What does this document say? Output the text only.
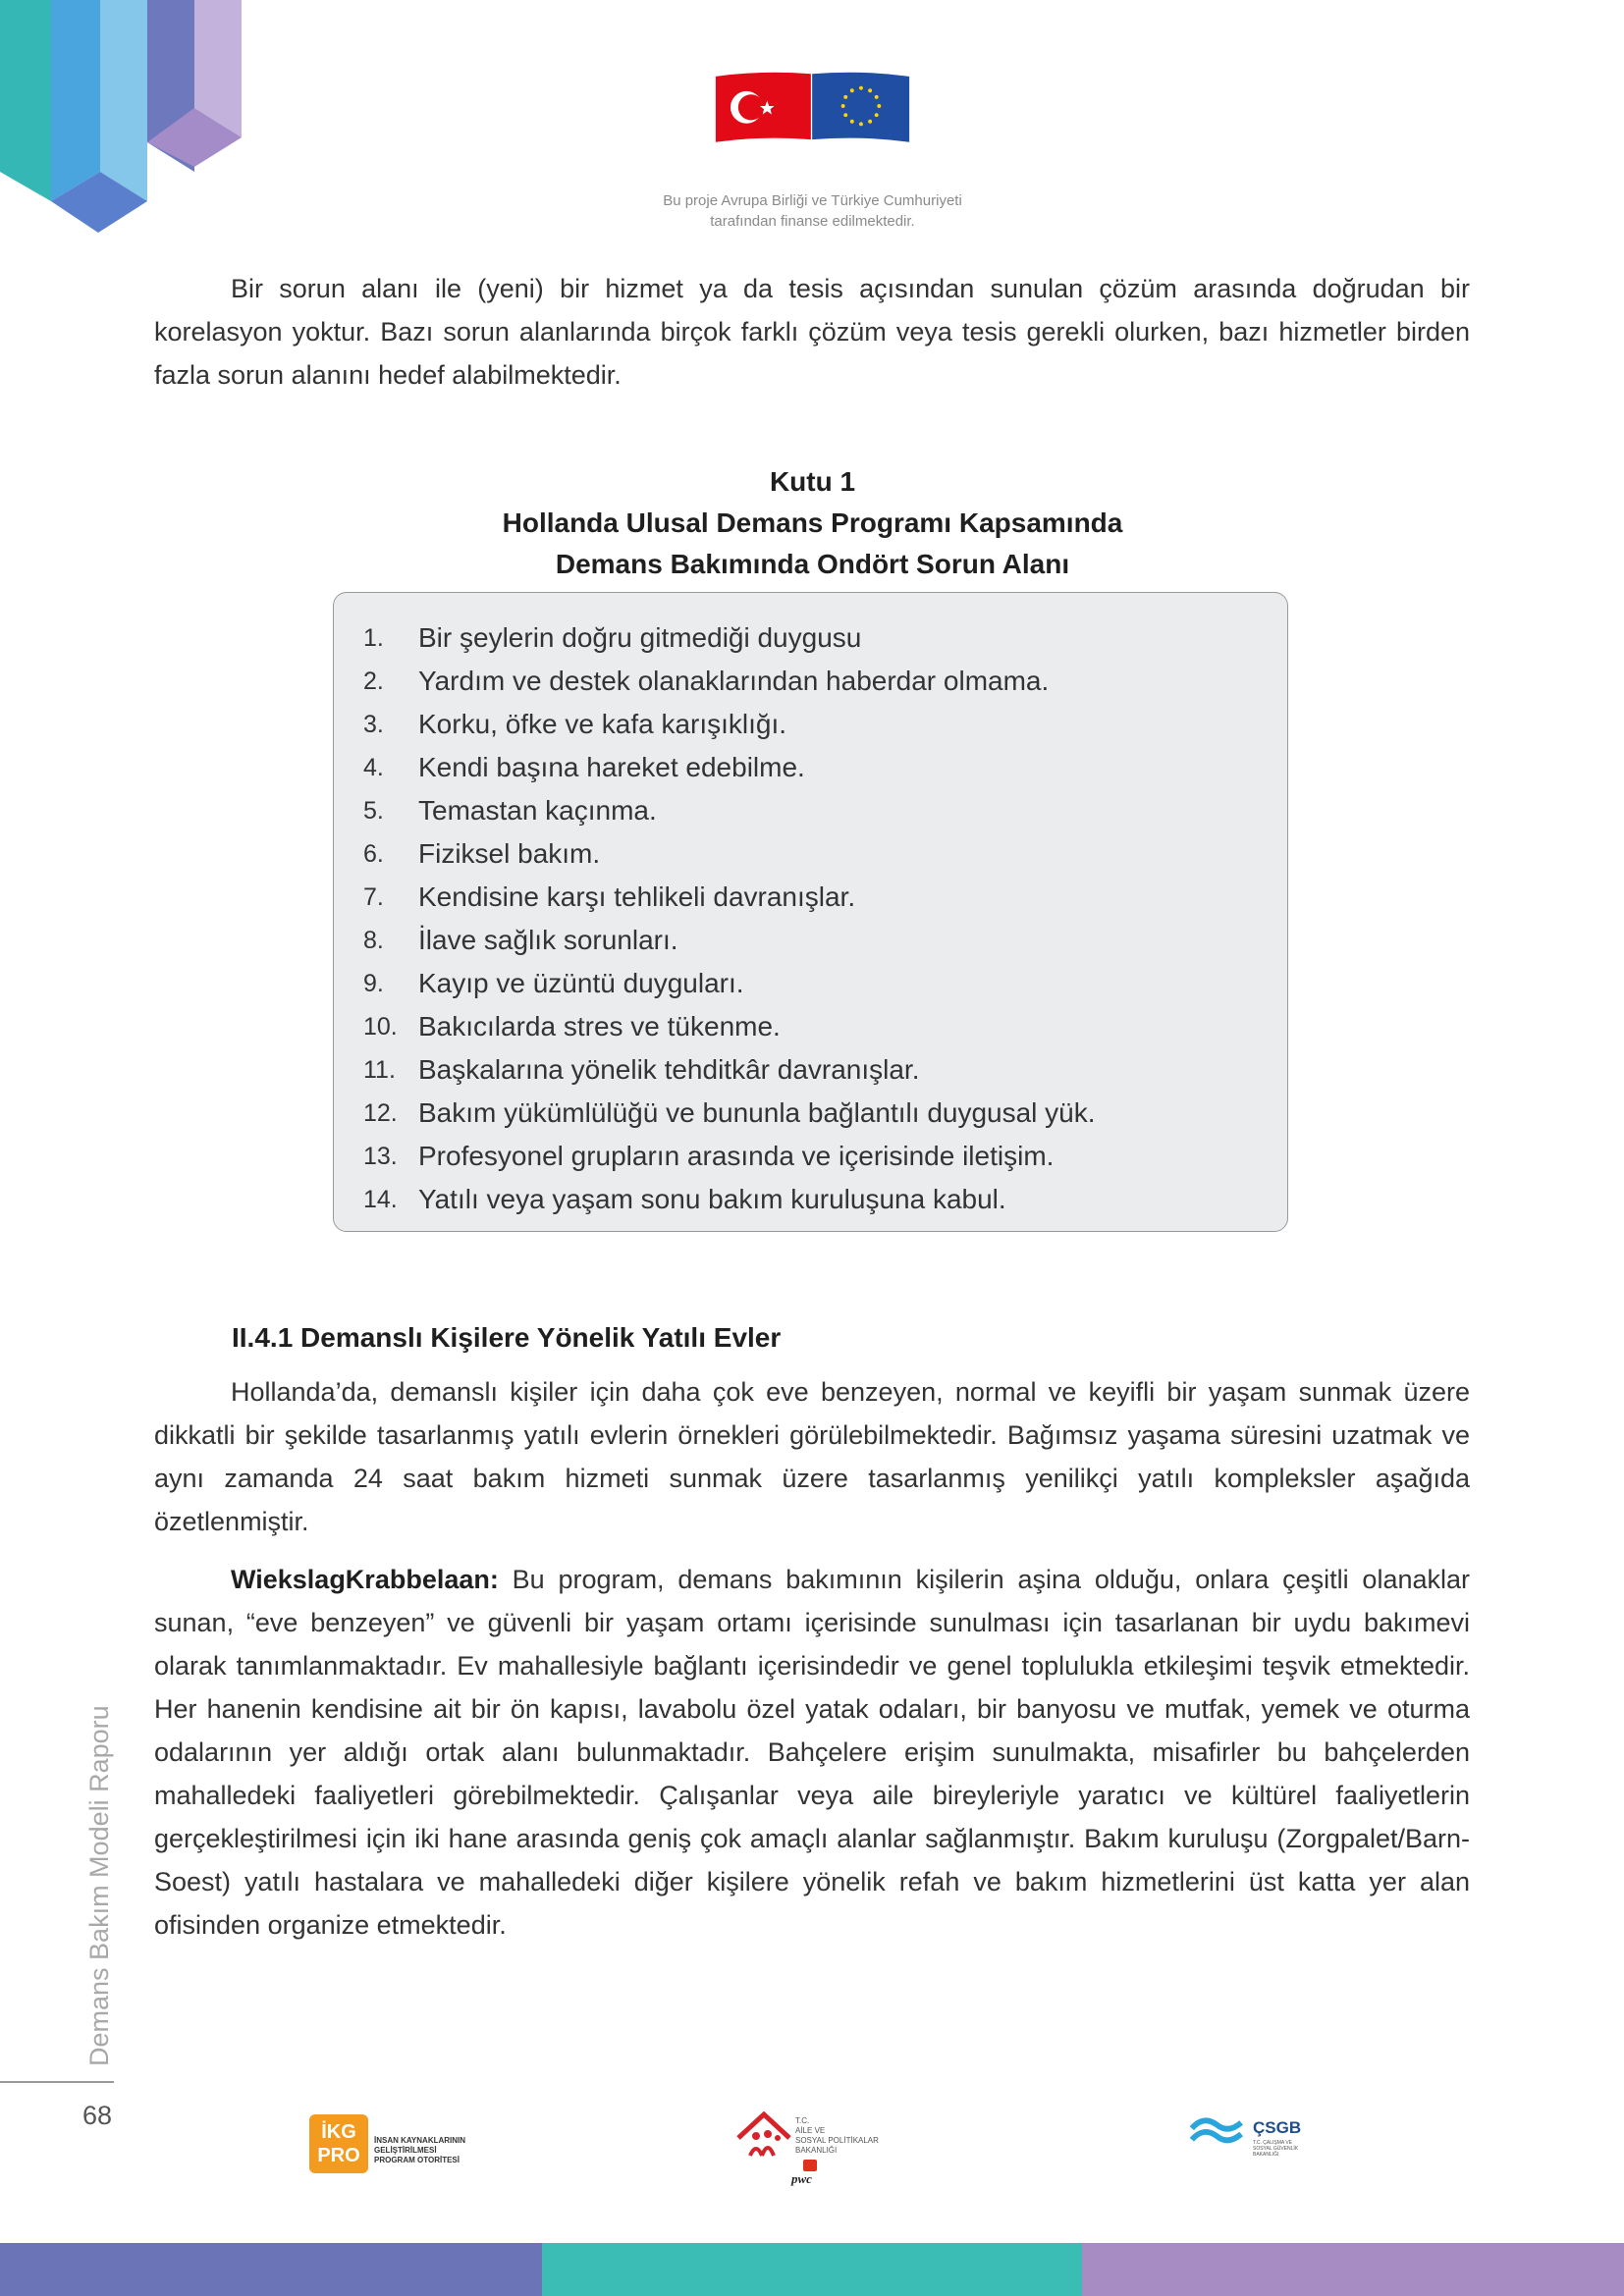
Bu proje Avrupa Birliği ve Türkiye Cumhuriyeti
tarafından finanse edilmektedir.

Bir sorun alanı ile (yeni) bir hizmet ya da tesis açısından sunulan çözüm arasında doğrudan bir korelasyon yoktur. Bazı sorun alanlarında birçok farklı çözüm veya tesis gerekli olurken, bazı hizmetler birden fazla sorun alanını hedef alabilmektedir.

Kutu 1
Hollanda Ulusal Demans Programı Kapsamında
Demans Bakımında Ondört Sorun Alanı
1.	Bir şeylerin doğru gitmediği duygusu
2.	Yardım ve destek olanaklarından haberdar olmama.
3.	Korku, öfke ve kafa karışıklığı.
4.	Kendi başına hareket edebilme.
5.	Temastan kaçınma.
6.	Fiziksel bakım.
7.	Kendisine karşı tehlikeli davranışlar.
8.	İlave sağlık sorunları.
9.	Kayıp ve üzüntü duyguları.
10. Bakıcılarda stres ve tükenme.
11. Başkalarına yönelik tehditkâr davranışlar.
12. Bakım yükümlülüğü ve bununla bağlantılı duygusal yük.
13. Profesyonel grupların arasında ve içerisinde iletişim.
14. Yatılı veya yaşam sonu bakım kuruluşuna kabul.
II.4.1 Demanslı Kişilere Yönelik Yatılı Evler

Hollanda’da, demanslı kişiler için daha çok eve benzeyen, normal ve keyifli bir yaşam sunmak üzere dikkatli bir şekilde tasarlanmış yatılı evlerin örnekleri görülebilmektedir. Bağımsız yaşama süresini uzatmak ve aynı zamanda 24 saat bakım hizmeti sunmak üzere tasarlanmış yenilikçi yatılı kompleksler aşağıda özetlenmiştir.

WiekslagKrabbelaan: Bu program, demans bakımının kişilerin aşina olduğu, onlara çeşitli olanaklar sunan, “eve benzeyen” ve güvenli bir yaşam ortamı içerisinde sunulması için tasarlanan bir uydu bakımevi olarak tanımlanmaktadır. Ev mahallesiyle bağlantı içerisindedir ve genel toplulukla etkileşimi teşvik etmektedir. Her hanenin kendisine ait bir ön kapısı, lavabolu özel yatak odaları, bir banyosu ve mutfak, yemek ve oturma odalarının yer aldığı ortak alanı bulunmaktadır. Bahçelere erişim sunulmakta, misafirler bu bahçelerden mahalledeki faaliyetleri görebilmektedir. Çalışanlar veya aile bireyleriyle yaratıcı ve kültürel faaliyetlerin gerçekleştirilmesi için iki hane arasında geniş çok amaçlı alanlar sağlanmıştır. Bakım kuruluşu (Zorgpalet/Barn-Soest) yatılı hastalara ve mahalledeki diğer kişilere yönelik refah ve bakım hizmetlerini üst katta yer alan ofisinden organize etmektedir.

Demans Bakım Modeli Raporu
68
İKG
PRO
İNSAN KAYNAKLARININ
GELİŞTİRİLMESİ
PROGRAM OTORİTESİ
T.C.
AİLE VE
SOSYAL POLİTİKALAR
BAKANLIĞI
pwc
ÇSGB
T.C. ÇALIŞMA VE
SOSYAL GÜVENLİK
BAKANLIĞI
